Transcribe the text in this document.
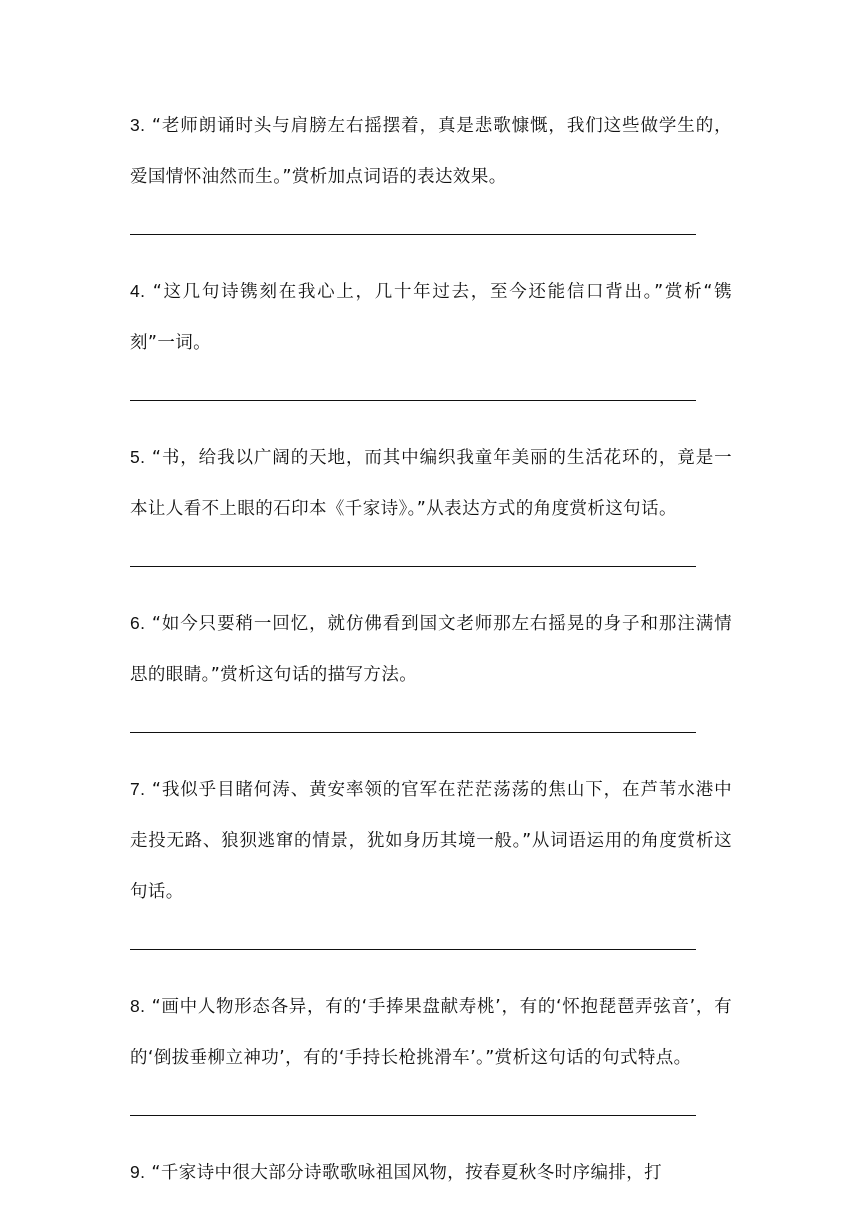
3. “老师朗诵时头与肩膀左右摇摆着，真是悲歌慷慨，我们这些做学生的，爱国情怀油然而生。”赏析加点词语的表达效果。

4. “这几句诗镌刻在我心上，几十年过去，至今还能信口背出。”赏析“镌刻”一词。

5. “书，给我以广阔的天地，而其中编织我童年美丽的生活花环的，竟是一本让人看不上眼的石印本《千家诗》。”从表达方式的角度赏析这句话。

6. “如今只要稍一回忆，就仿佛看到国文老师那左右摇晃的身子和那注满情思的眼睛。”赏析这句话的描写方法。

7. “我似乎目睹何涛、黄安率领的官军在茫茫荡荡的焦山下，在芦苇水港中走投无路、狼狈逃窜的情景，犹如身历其境一般。”从词语运用的角度赏析这句话。

8. “画中人物形态各异，有的‘手捧果盘献寿桃’，有的‘怀抱琵琶弄弦音’，有的‘倒拔垂柳立神功’，有的‘手持长枪挑滑车’。”赏析这句话的句式特点。

9. “千家诗中很大部分诗歌歌咏祖国风物，按春夏秋冬时序编排，打
